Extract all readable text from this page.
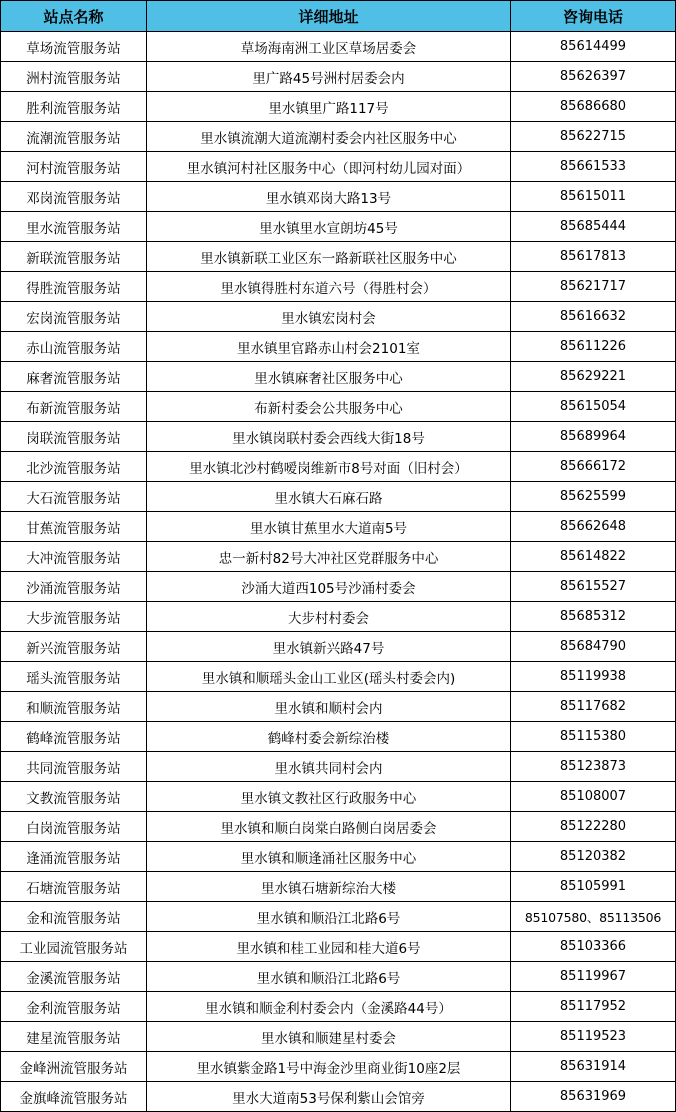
站点名称	详细地址	咨询电话
草场流管服务站	草场海南洲工业区草场居委会	85614499
洲村流管服务站	里广路45号洲村居委会内	85626397
胜利流管服务站	里水镇里广路117号	85686680
流潮流管服务站	里水镇流潮大道流潮村委会内社区服务中心	85622715
河村流管服务站	里水镇河村社区服务中心（即河村幼儿园对面）	85661533
邓岗流管服务站	里水镇邓岗大路13号	85615011
里水流管服务站	里水镇里水宣朗坊45号	85685444
新联流管服务站	里水镇新联工业区东一路新联社区服务中心	85617813
得胜流管服务站	里水镇得胜村东道六号（得胜村会）	85621717
宏岗流管服务站	里水镇宏岗村会	85616632
赤山流管服务站	里水镇里官路赤山村会2101室	85611226
麻奢流管服务站	里水镇麻奢社区服务中心	85629221
布新流管服务站	布新村委会公共服务中心	85615054
岗联流管服务站	里水镇岗联村委会西线大街18号	85689964
北沙流管服务站	里水镇北沙村鹤嗳岗维新市8号对面（旧村会）	85666172
大石流管服务站	里水镇大石麻石路	85625599
甘蕉流管服务站	里水镇甘蕉里水大道南5号	85662648
大冲流管服务站	忠一新村82号大冲社区党群服务中心	85614822
沙涌流管服务站	沙涌大道西105号沙涌村委会	85615527
大步流管服务站	大步村村委会	85685312
新兴流管服务站	里水镇新兴路47号	85684790
瑶头流管服务站	里水镇和顺瑶头金山工业区(瑶头村委会内)	85119938
和顺流管服务站	里水镇和顺村会内	85117682
鹤峰流管服务站	鹤峰村委会新综治楼	85115380
共同流管服务站	里水镇共同村会内	85123873
文教流管服务站	里水镇文教社区行政服务中心	85108007
白岗流管服务站	里水镇和顺白岗棠白路侧白岗居委会	85122280
逢涌流管服务站	里水镇和顺逢涌社区服务中心	85120382
石塘流管服务站	里水镇石塘新综治大楼	85105991
金和流管服务站	里水镇和顺沿江北路6号	85107580、85113506
工业园流管服务站	里水镇和桂工业园和桂大道6号	85103366
金溪流管服务站	里水镇和顺沿江北路6号	85119967
金利流管服务站	里水镇和顺金利村委会内（金溪路44号）	85117952
建星流管服务站	里水镇和顺建星村委会	85119523
金峰洲流管服务站	里水镇紫金路1号中海金沙里商业街10座2层	85631914
金旗峰流管服务站	里水大道南53号保利紫山会馆旁	85631969
